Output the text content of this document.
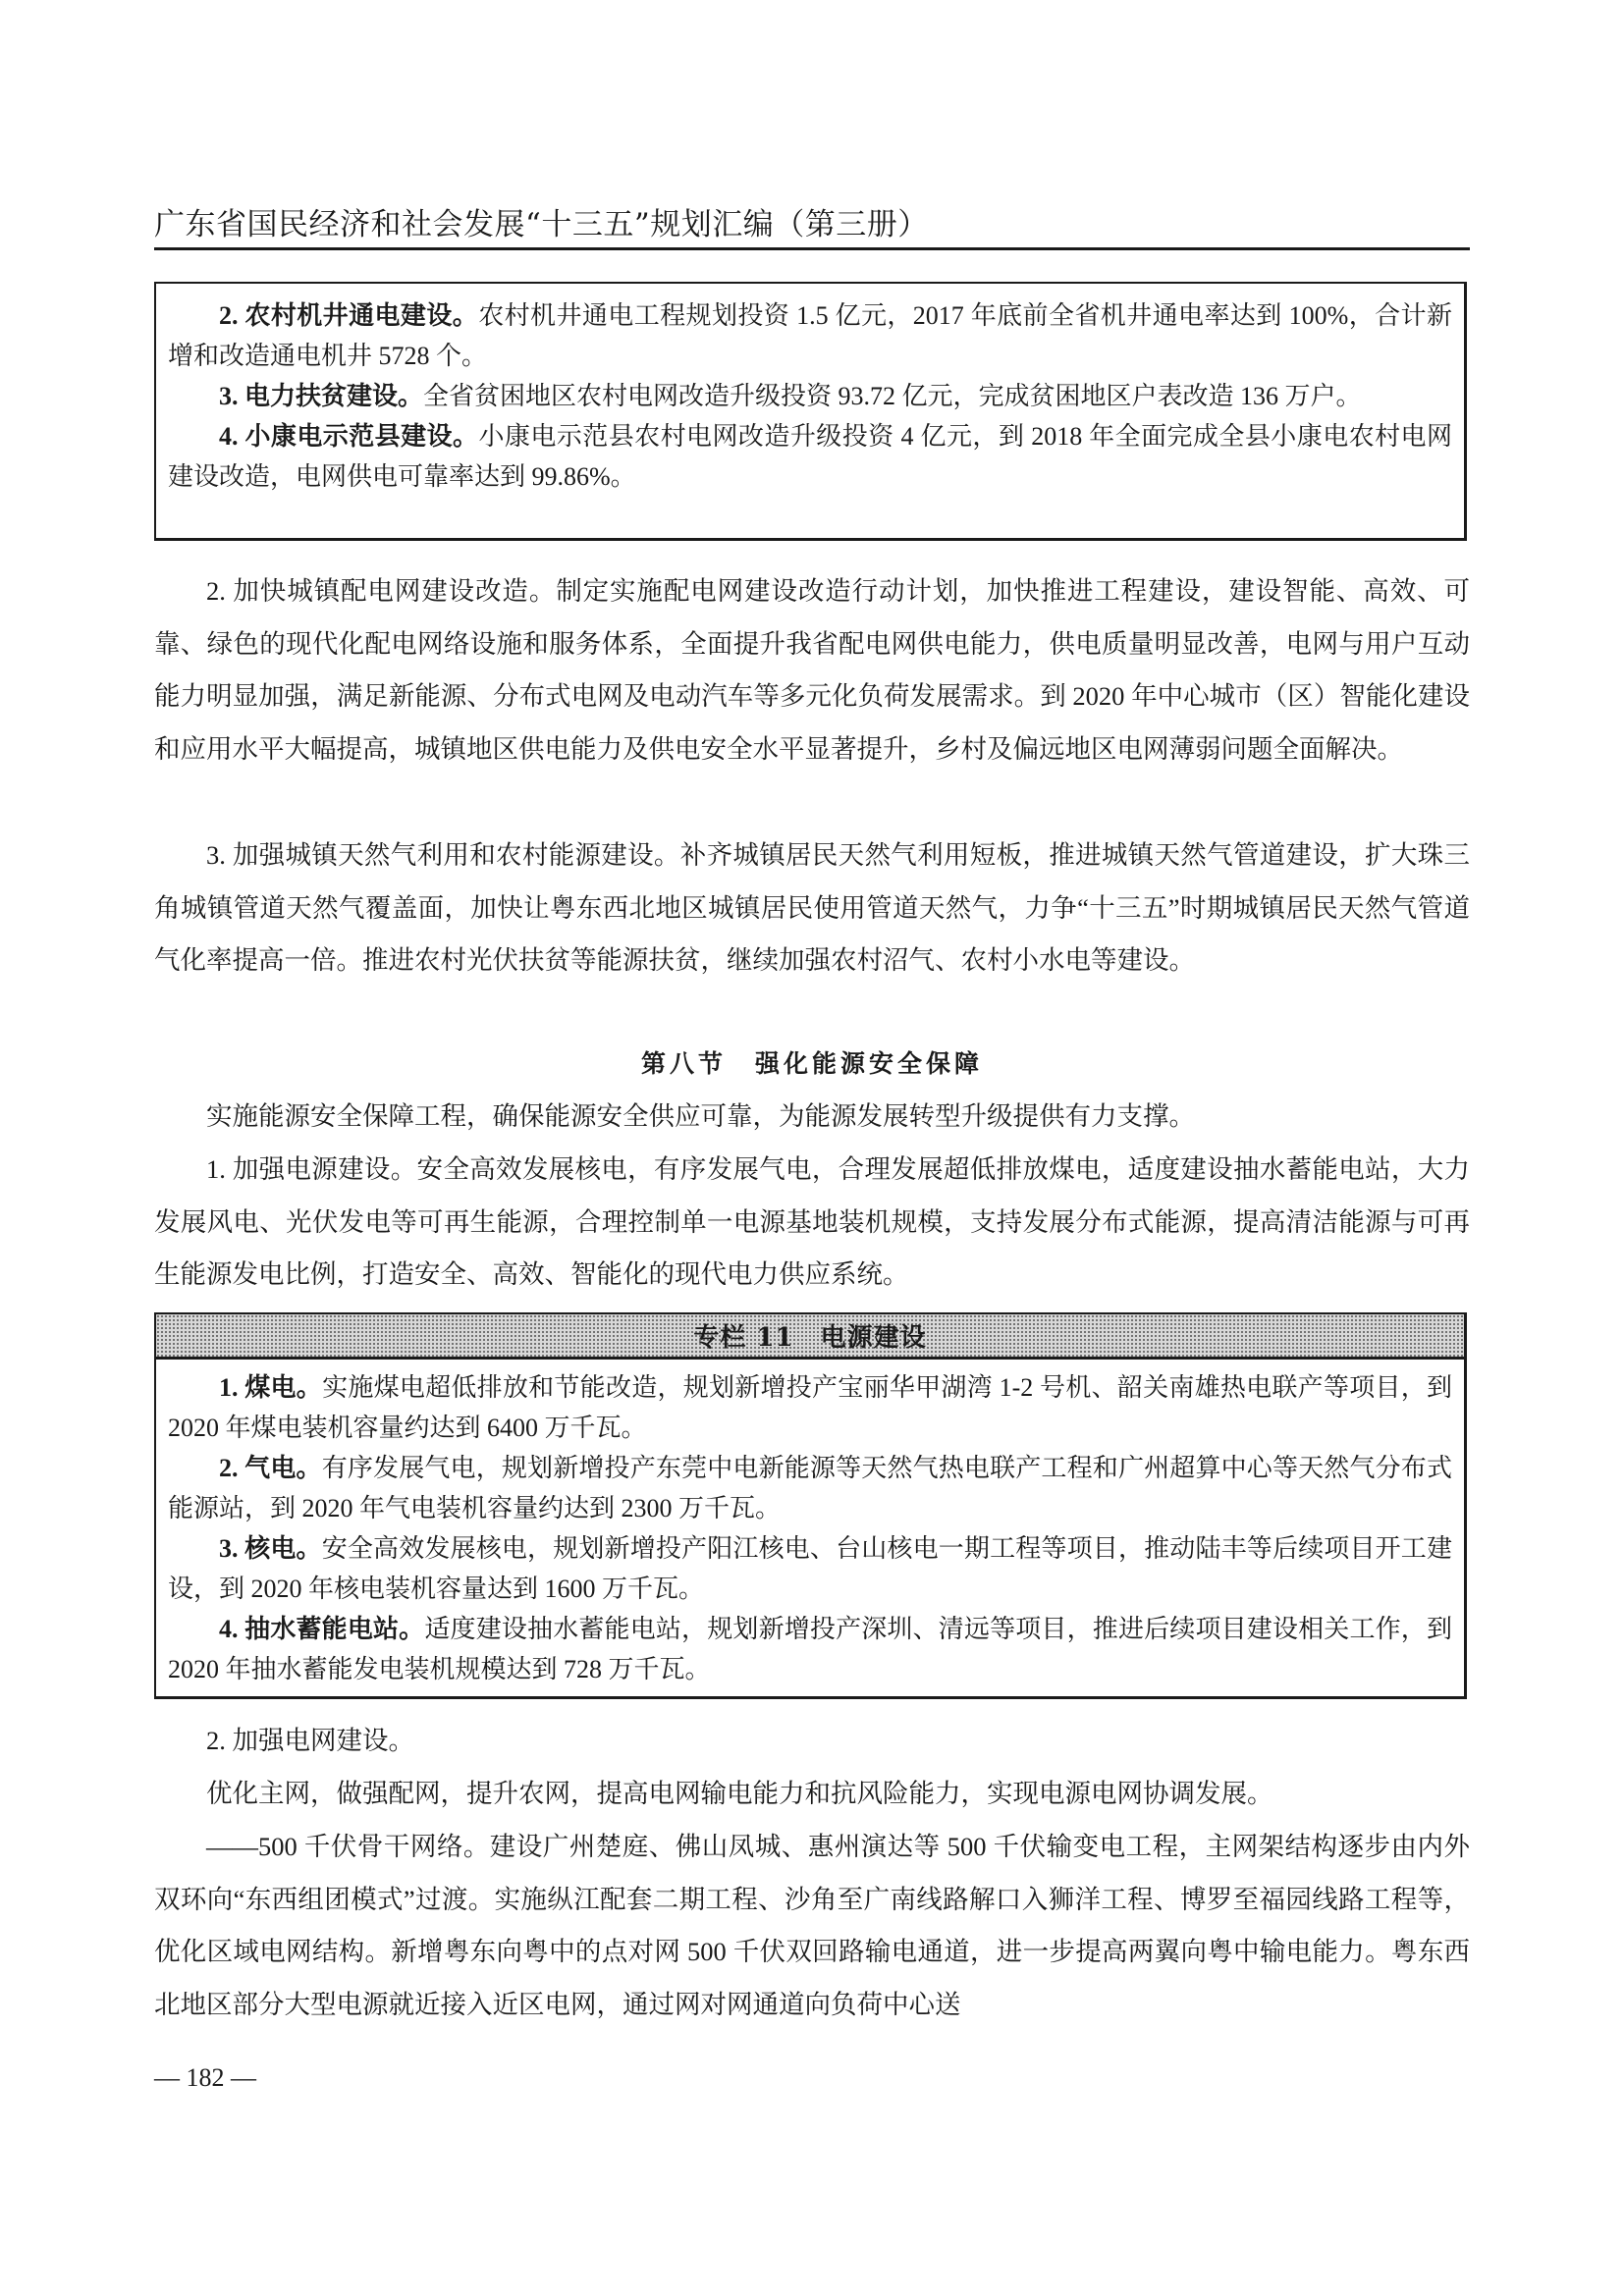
广东省国民经济和社会发展“十三五”规划汇编（第三册）

2. 农村机井通电建设。农村机井通电工程规划投资 1.5 亿元，2017 年底前全省机井通电率达到 100%，合计新增和改造通电机井 5728 个。

3. 电力扶贫建设。全省贫困地区农村电网改造升级投资 93.72 亿元，完成贫困地区户表改造 136 万户。

4. 小康电示范县建设。小康电示范县农村电网改造升级投资 4 亿元，到 2018 年全面完成全县小康电农村电网建设改造，电网供电可靠率达到 99.86%。

2. 加快城镇配电网建设改造。制定实施配电网建设改造行动计划，加快推进工程建设，建设智能、高效、可靠、绿色的现代化配电网络设施和服务体系，全面提升我省配电网供电能力，供电质量明显改善，电网与用户互动能力明显加强，满足新能源、分布式电网及电动汽车等多元化负荷发展需求。到 2020 年中心城市（区）智能化建设和应用水平大幅提高，城镇地区供电能力及供电安全水平显著提升，乡村及偏远地区电网薄弱问题全面解决。

3. 加强城镇天然气利用和农村能源建设。补齐城镇居民天然气利用短板，推进城镇天然气管道建设，扩大珠三角城镇管道天然气覆盖面，加快让粤东西北地区城镇居民使用管道天然气，力争“十三五”时期城镇居民天然气管道气化率提高一倍。推进农村光伏扶贫等能源扶贫，继续加强农村沼气、农村小水电等建设。

第八节　强化能源安全保障

实施能源安全保障工程，确保能源安全供应可靠，为能源发展转型升级提供有力支撑。

1. 加强电源建设。安全高效发展核电，有序发展气电，合理发展超低排放煤电，适度建设抽水蓄能电站，大力发展风电、光伏发电等可再生能源，合理控制单一电源基地装机规模，支持发展分布式能源，提高清洁能源与可再生能源发电比例，打造安全、高效、智能化的现代电力供应系统。

专栏 11　电源建设

1. 煤电。实施煤电超低排放和节能改造，规划新增投产宝丽华甲湖湾 1-2 号机、韶关南雄热电联产等项目，到 2020 年煤电装机容量约达到 6400 万千瓦。

2. 气电。有序发展气电，规划新增投产东莞中电新能源等天然气热电联产工程和广州超算中心等天然气分布式能源站，到 2020 年气电装机容量约达到 2300 万千瓦。

3. 核电。安全高效发展核电，规划新增投产阳江核电、台山核电一期工程等项目，推动陆丰等后续项目开工建设，到 2020 年核电装机容量达到 1600 万千瓦。

4. 抽水蓄能电站。适度建设抽水蓄能电站，规划新增投产深圳、清远等项目，推进后续项目建设相关工作，到 2020 年抽水蓄能发电装机规模达到 728 万千瓦。

2. 加强电网建设。

优化主网，做强配网，提升农网，提高电网输电能力和抗风险能力，实现电源电网协调发展。

——500 千伏骨干网络。建设广州楚庭、佛山凤城、惠州演达等 500 千伏输变电工程，主网架结构逐步由内外双环向“东西组团模式”过渡。实施纵江配套二期工程、沙角至广南线路解口入狮洋工程、博罗至福园线路工程等，优化区域电网结构。新增粤东向粤中的点对网 500 千伏双回路输电通道，进一步提高两翼向粤中输电能力。粤东西北地区部分大型电源就近接入近区电网，通过网对网通道向负荷中心送

— 182 —
